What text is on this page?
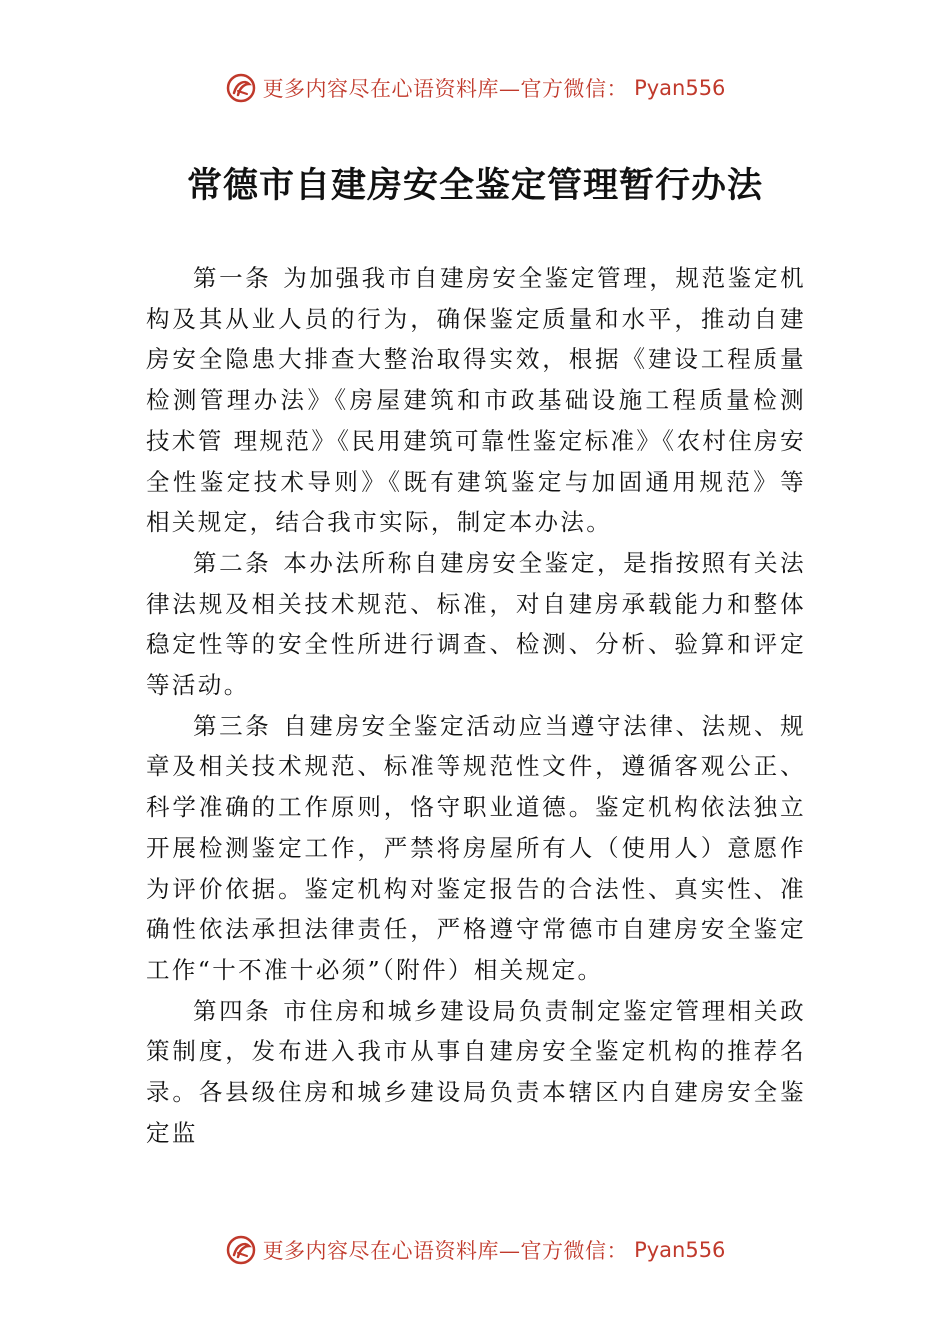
更多内容尽在心语资料库—官方微信： Pyan556
常德市自建房安全鉴定管理暂行办法

第一条 为加强我市自建房安全鉴定管理，规范鉴定机构及其从业人员的行为，确保鉴定质量和水平，推动自建房安全隐患大排查大整治取得实效，根据《建设工程质量检测管理办法》《房屋建筑和市政基础设施工程质量检测技术管 理规范》《民用建筑可靠性鉴定标准》《农村住房安全性鉴定技术导则》《既有建筑鉴定与加固通用规范》等相关规定，结合我市实际，制定本办法。

第二条 本办法所称自建房安全鉴定，是指按照有关法律法规及相关技术规范、标准，对自建房承载能力和整体稳定性等的安全性所进行调查、检测、分析、验算和评定等活动。

第三条 自建房安全鉴定活动应当遵守法律、法规、规章及相关技术规范、标准等规范性文件，遵循客观公正、科学准确的工作原则，恪守职业道德。鉴定机构依法独立开展检测鉴定工作，严禁将房屋所有人（使用人）意愿作为评价依据。鉴定机构对鉴定报告的合法性、真实性、准确性依法承担法律责任，严格遵守常德市自建房安全鉴定工作“十不准十必须”（附件）相关规定。

第四条 市住房和城乡建设局负责制定鉴定管理相关政策制度，发布进入我市从事自建房安全鉴定机构的推荐名录。各县级住房和城乡建设局负责本辖区内自建房安全鉴定监

更多内容尽在心语资料库—官方微信： Pyan556
